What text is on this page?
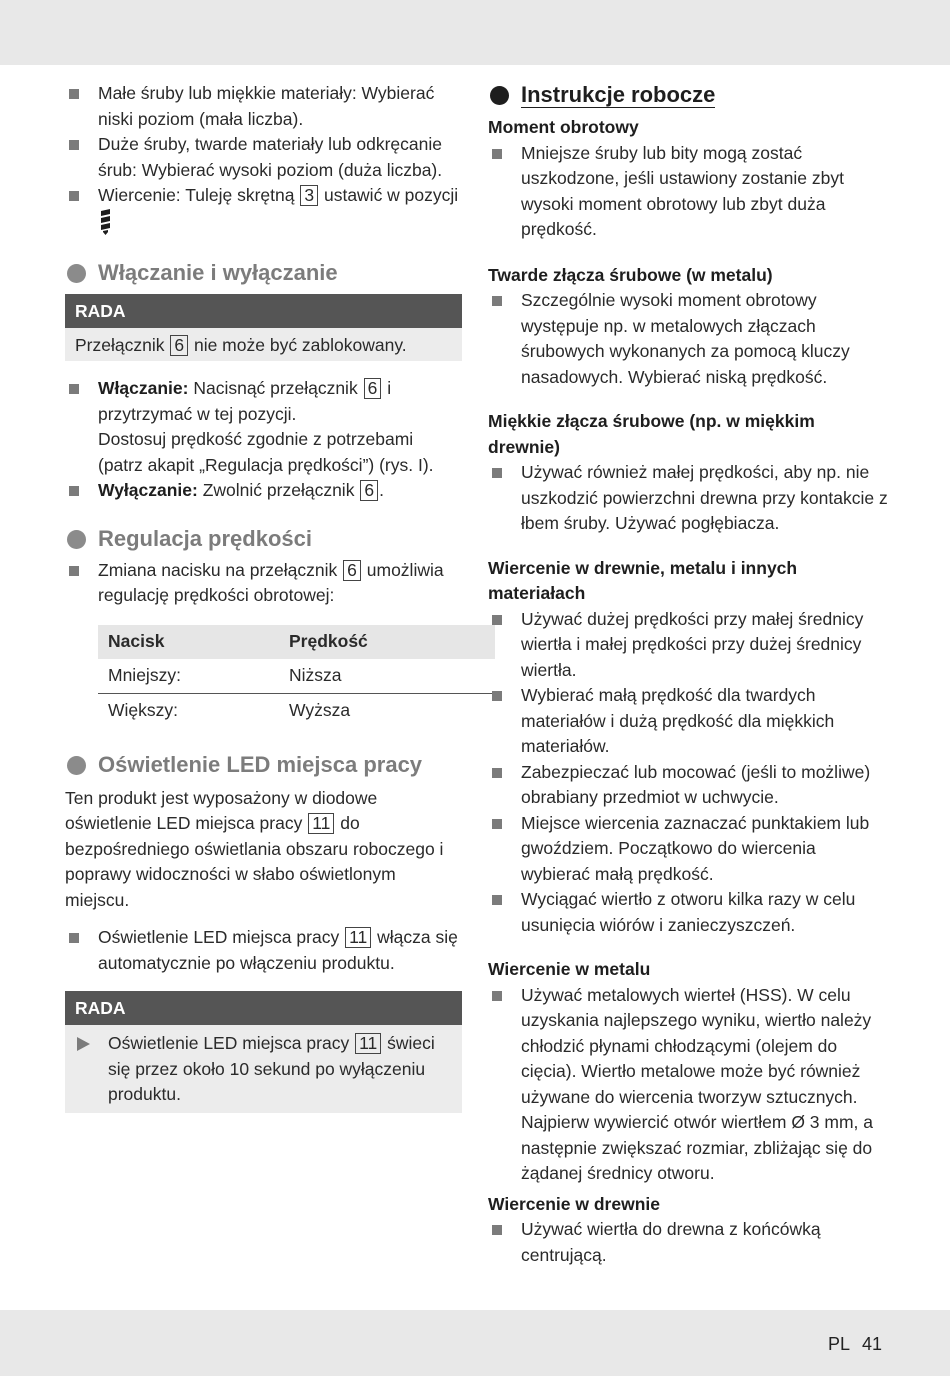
Małe śruby lub miękkie materiały: Wybierać niski poziom (mała liczba).
Duże śruby, twarde materiały lub odkręcanie śrub: Wybierać wysoki poziom (duża liczba).
Wiercenie: Tuleję skrętną 3 ustawić w pozycji
Włączanie i wyłączanie
RADA
Przełącznik 6 nie może być zablokowany.
Włączanie: Nacisnąć przełącznik 6 i przytrzymać w tej pozycji.
Dostosuj prędkość zgodnie z potrzebami (patrz akapit „Regulacja prędkości”) (rys. I).
Wyłączanie: Zwolnić przełącznik 6 .
Regulacja prędkości
Zmiana nacisku na przełącznik 6 umożliwia regulację prędkości obrotowej:
Nacisk	Prędkość
Mniejszy:	Niższa
Większy:	Wyższa
Oświetlenie LED miejsca pracy

Ten produkt jest wyposażony w diodowe oświetlenie LED miejsca pracy 11 do bezpośredniego oświetlania obszaru roboczego i poprawy widoczności w słabo oświetlonym miejscu.

Oświetlenie LED miejsca pracy 11 włącza się automatycznie po włączeniu produktu.
RADA
Oświetlenie LED miejsca pracy 11 świeci się przez około 10 sekund po wyłączeniu produktu.
Instrukcje robocze
Moment obrotowy
Mniejsze śruby lub bity mogą zostać uszkodzone, jeśli ustawiony zostanie zbyt wysoki moment obrotowy lub zbyt duża prędkość.
Twarde złącza śrubowe (w metalu)
Szczególnie wysoki moment obrotowy występuje np. w metalowych złączach śrubowych wykonanych za pomocą kluczy nasadowych. Wybierać niską prędkość.
Miękkie złącza śrubowe (np. w miękkim drewnie)
Używać również małej prędkości, aby np. nie uszkodzić powierzchni drewna przy kontakcie z łbem śruby. Używać pogłębiacza.
Wiercenie w drewnie, metalu i innych materiałach
Używać dużej prędkości przy małej średnicy wiertła i małej prędkości przy dużej średnicy wiertła.
Wybierać małą prędkość dla twardych materiałów i dużą prędkość dla miękkich materiałów.
Zabezpieczać lub mocować (jeśli to możliwe) obrabiany przedmiot w uchwycie.
Miejsce wiercenia zaznaczać punktakiem lub gwoździem. Początkowo do wiercenia wybierać małą prędkość.
Wyciągać wiertło z otworu kilka razy w celu usunięcia wiórów i zanieczyszczeń.
Wiercenie w metalu
Używać metalowych wierteł (HSS). W celu uzyskania najlepszego wyniku, wiertło należy chłodzić płynami chłodzącymi (olejem do cięcia). Wiertło metalowe może być również używane do wiercenia tworzyw sztucznych. Najpierw wywiercić otwór wiertłem Ø 3 mm, a następnie zwiększać rozmiar, zbliżając się do żądanej średnicy otworu.
Wiercenie w drewnie
Używać wiertła do drewna z końcówką centrującą.
PL 41
